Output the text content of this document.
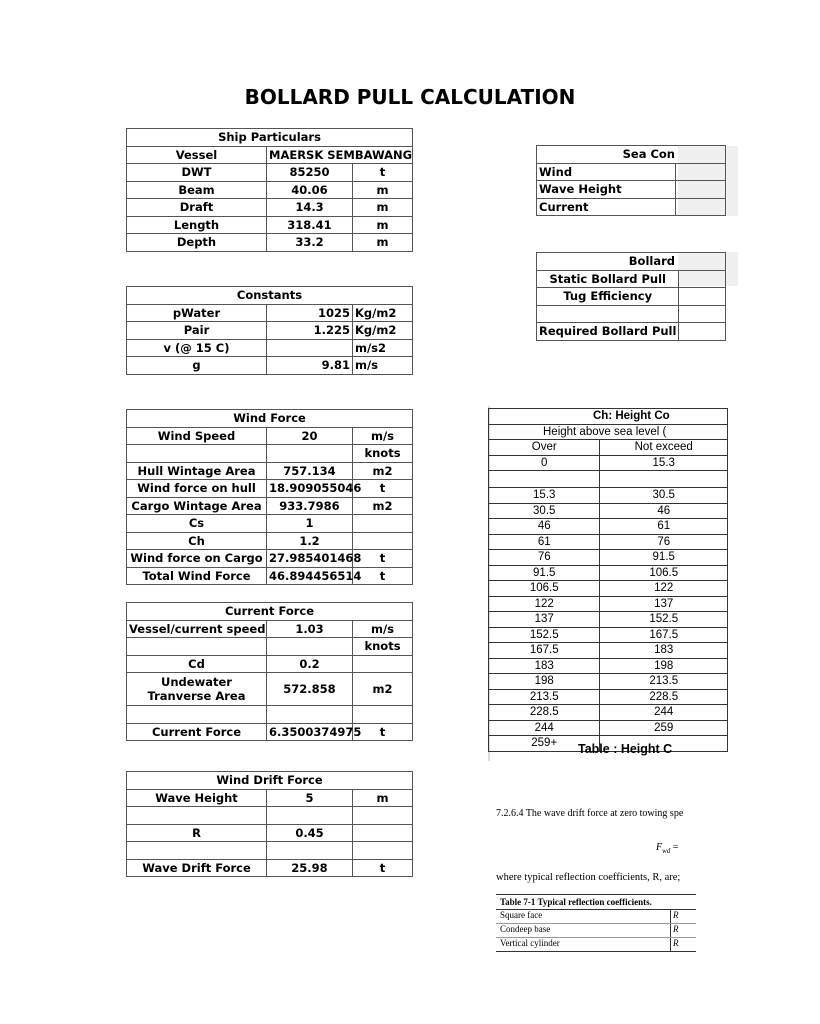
BOLLARD PULL CALCULATION
Ship Particulars		
Vessel	MAERSK SEMBAWANG	
DWT	85250	t
Beam	40.06	m
Draft	14.3	m
Length	318.41	m
Depth	33.2	m
Constants		
pWater	1025	Kg/m2
Pair	1.225	Kg/m2
v (@ 15 C)		m/s2
g	9.81	m/s
Wind Force		
Wind Speed	20	m/s
		knots
Hull Wintage Area	757.134	m2
Wind force on hull	18.909055046	t
Cargo Wintage Area	933.7986	m2
Cs	1	
Ch	1.2	
Wind force on Cargo	27.985401468	t
Total Wind Force	46.894456514	t
Current Force		
Vessel/current speed	1.03	m/s
		knots
Cd	0.2	
Undewater
Tranverse Area	572.858	m2

Current Force	6.3500374975	t
Wind Drift Force		
Wave Height	5	m

R	0.45	

Wave Drift Force	25.98	t
Sea Con	
Wind	
Wave Height	
Current	
Bollard	
Static Bollard Pull	
Tug Efficiency	

Required Bollard Pull	
Ch: Height Co	
Height above sea level (	
Over	Not exceed
0	15.3

15.3	30.5
30.5	46
46	61
61	76
76	91.5
91.5	106.5
106.5	122
122	137
137	152.5
152.5	167.5
167.5	183
183	198
198	213.5
213.5	228.5
228.5	244
244	259
259+	Table : Height C
7.2.6.4 The wave drift force at zero towing spe
$F_{wd}$ =
where typical reflection coefficients, R, are;
Table 7-1 Typical reflection coefficients.
Square face	R
Condeep base	R
Vertical cylinder	R
